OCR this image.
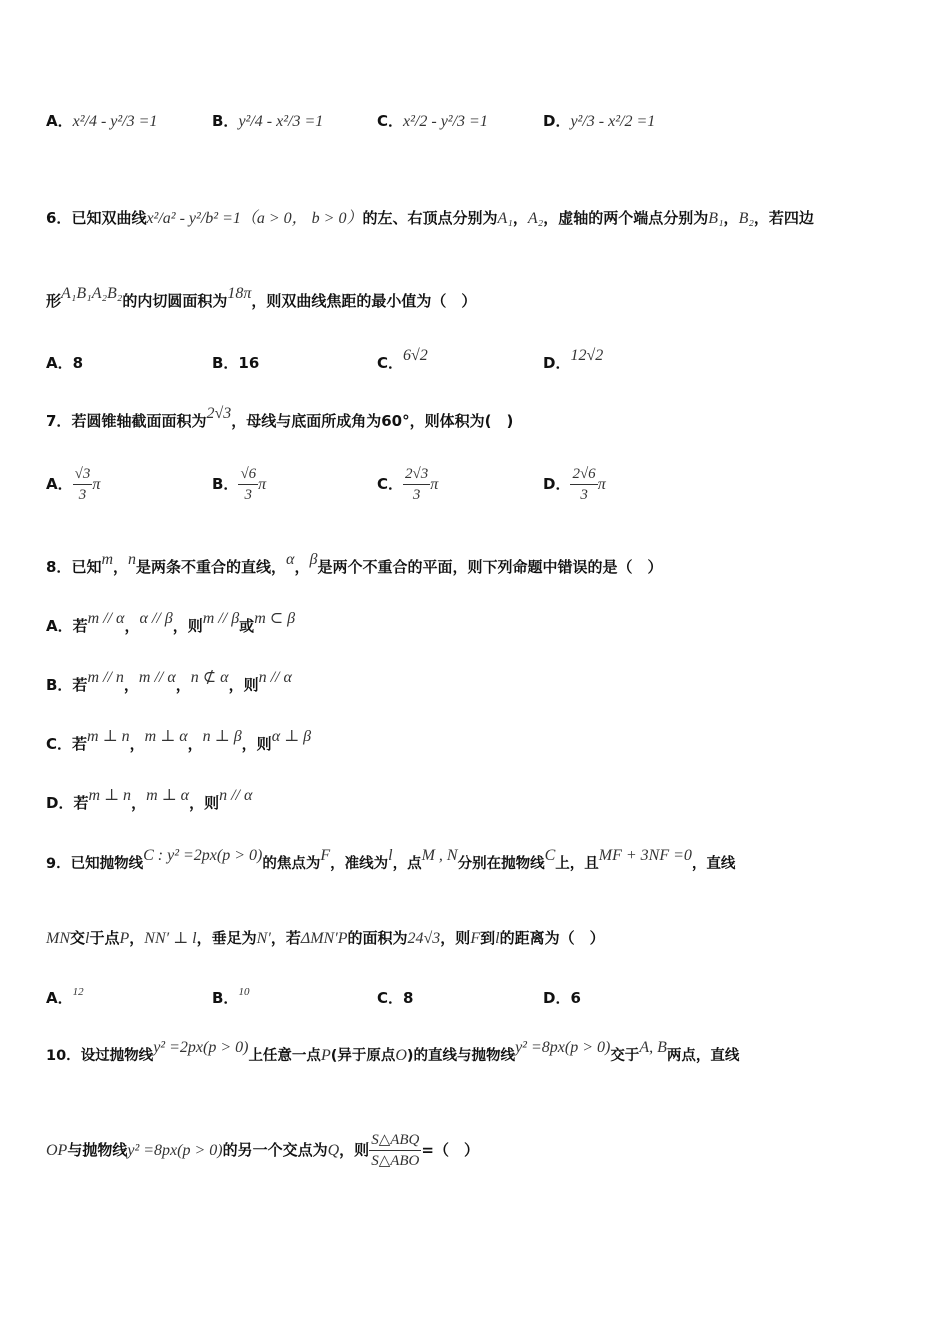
A．x²/4 - y²/3 =1	B．y²/4 - x²/3 =1	C．x²/2 - y²/3 =1	D．y²/3 - x²/2 =1
6．已知双曲线x²/a² - y²/b² =1（a > 0， b > 0）的左、右顶点分别为A₁，A₂，虚轴的两个端点分别为B₁，B₂，若四边
形A₁B₁A₂B₂的内切圆面积为18π，则双曲线焦距的最小值为（　）
A．8	B．16	C．6√2	D．12√2
7．若圆锥轴截面面积为2√3，母线与底面所成角为60°，则体积为(　)
A． $\frac{√3}{3}$ π	B． $\frac{√6}{3}$ π	C． $\frac{2√3}{3}$ π	D． $\frac{2√6}{3}$ π
8．已知m，n是两条不重合的直线，α，β是两个不重合的平面，则下列命题中错误的是（　）
A．若m // α，α // β，则m // β或m ⊂ β
B．若m // n，m // α，n ⊄ α，则n // α
C．若m ⊥ n，m ⊥ α，n ⊥ β，则α ⊥ β
D．若m ⊥ n，m ⊥ α，则n // α
9．已知抛物线C : y² =2px(p > 0)的焦点为F，准线为l，点M , N分别在抛物线C上，且MF + 3NF =0，直线
MN交l于点P，NN′ ⊥ l，垂足为N′，若ΔMN′P的面积为24√3，则F到l的距离为（　）
A．$^{12}$	B．$^{10}$	C．8	D．6
10．设过抛物线y² =2px(p > 0)上任意一点P(异于原点O)的直线与抛物线y² =8px(p > 0)交于A, B两点，直线
OP与抛物线y² =8px(p > 0)的另一个交点为Q，则 $\frac{\text{S△ABQ}}{\text{S△ABO}}$ =（　）
